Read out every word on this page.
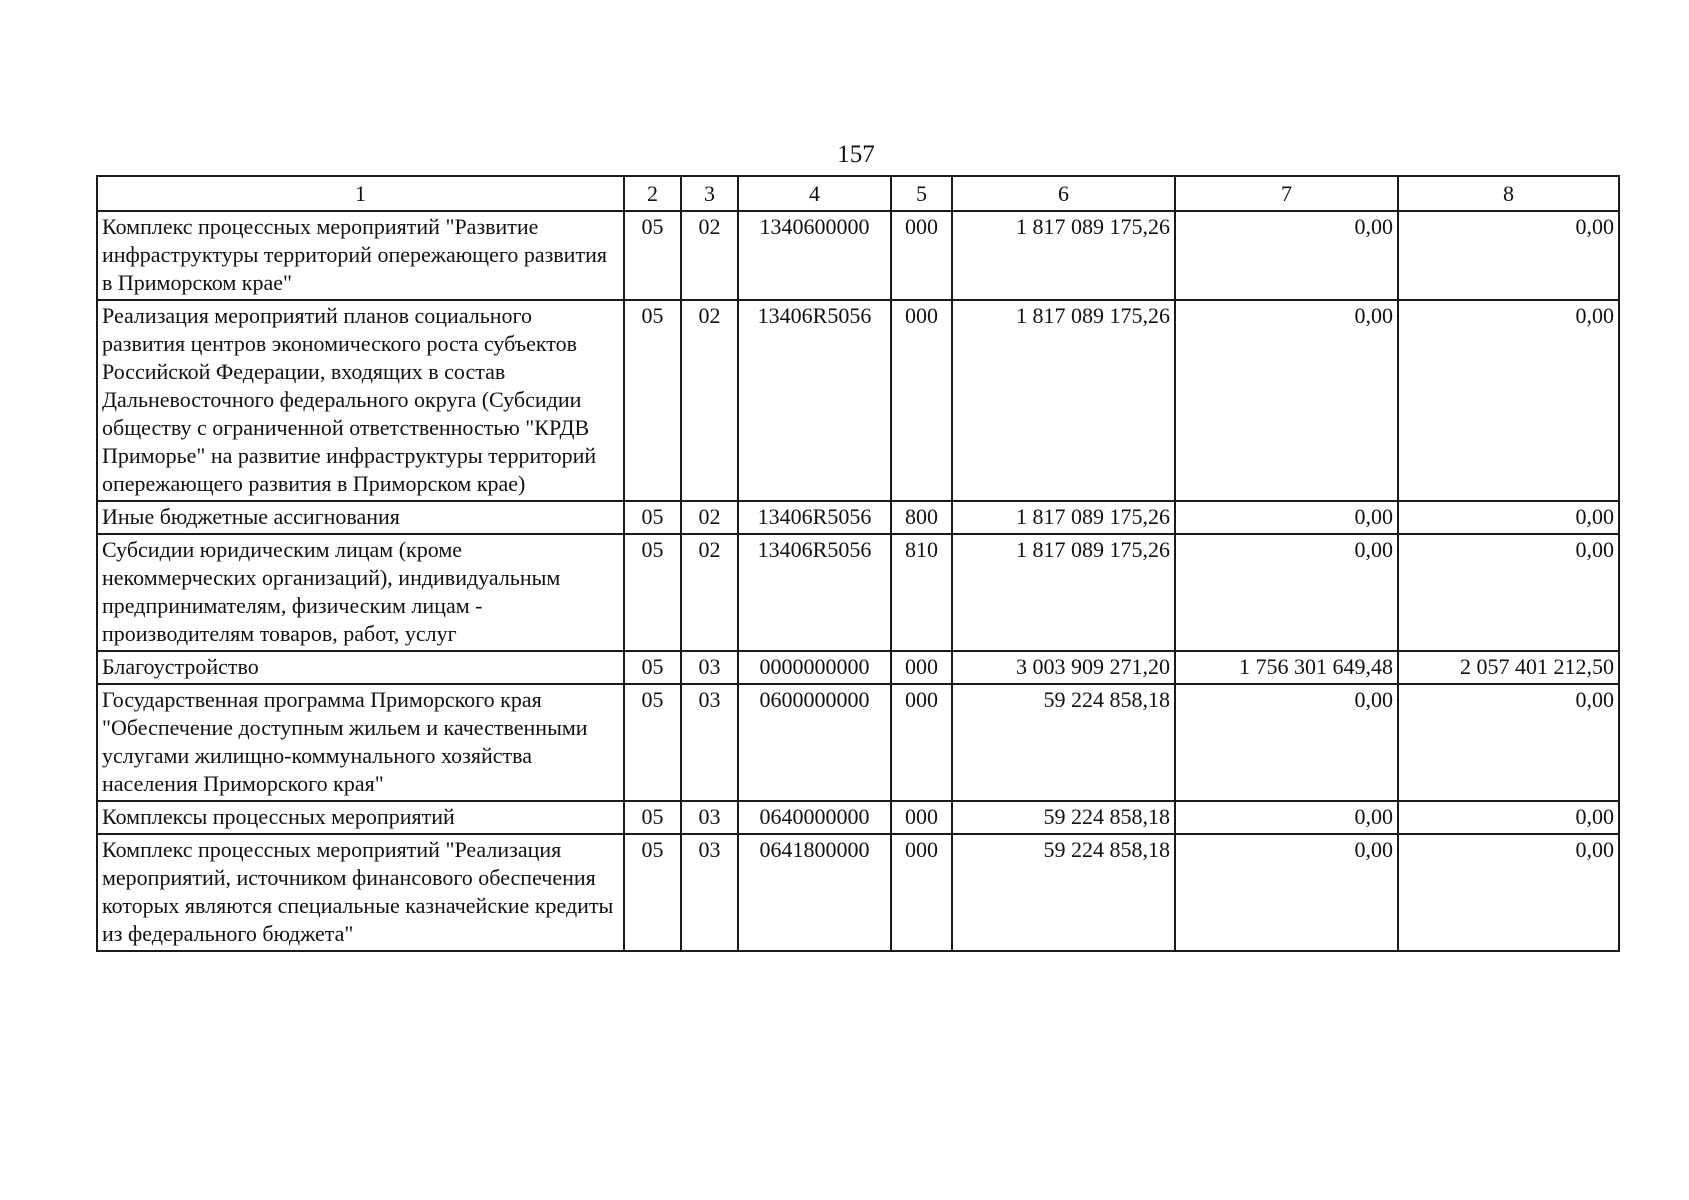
157
1	2	3	4	5	6	7	8
Комплекс процессных мероприятий "Развитие инфраструктуры территорий опережающего развития в Приморском крае"	05	02	1340600000	000	1 817 089 175,26	0,00	0,00
Реализация мероприятий планов социального развития центров экономического роста субъектов Российской Федерации, входящих в состав Дальневосточного федерального округа (Субсидии обществу с ограниченной ответственностью "КРДВ Приморье" на развитие инфраструктуры территорий опережающего развития в Приморском крае)	05	02	13406R5056	000	1 817 089 175,26	0,00	0,00
Иные бюджетные ассигнования	05	02	13406R5056	800	1 817 089 175,26	0,00	0,00
Субсидии юридическим лицам (кроме некоммерческих организаций), индивидуальным предпринимателям, физическим лицам - производителям товаров, работ, услуг	05	02	13406R5056	810	1 817 089 175,26	0,00	0,00
Благоустройство	05	03	0000000000	000	3 003 909 271,20	1 756 301 649,48	2 057 401 212,50
Государственная программа Приморского края "Обеспечение доступным жильем и качественными услугами жилищно-коммунального хозяйства населения Приморского края"	05	03	0600000000	000	59 224 858,18	0,00	0,00
Комплексы процессных мероприятий	05	03	0640000000	000	59 224 858,18	0,00	0,00
Комплекс процессных мероприятий "Реализация мероприятий, источником финансового обеспечения которых являются специальные казначейские кредиты из федерального бюджета"	05	03	0641800000	000	59 224 858,18	0,00	0,00
